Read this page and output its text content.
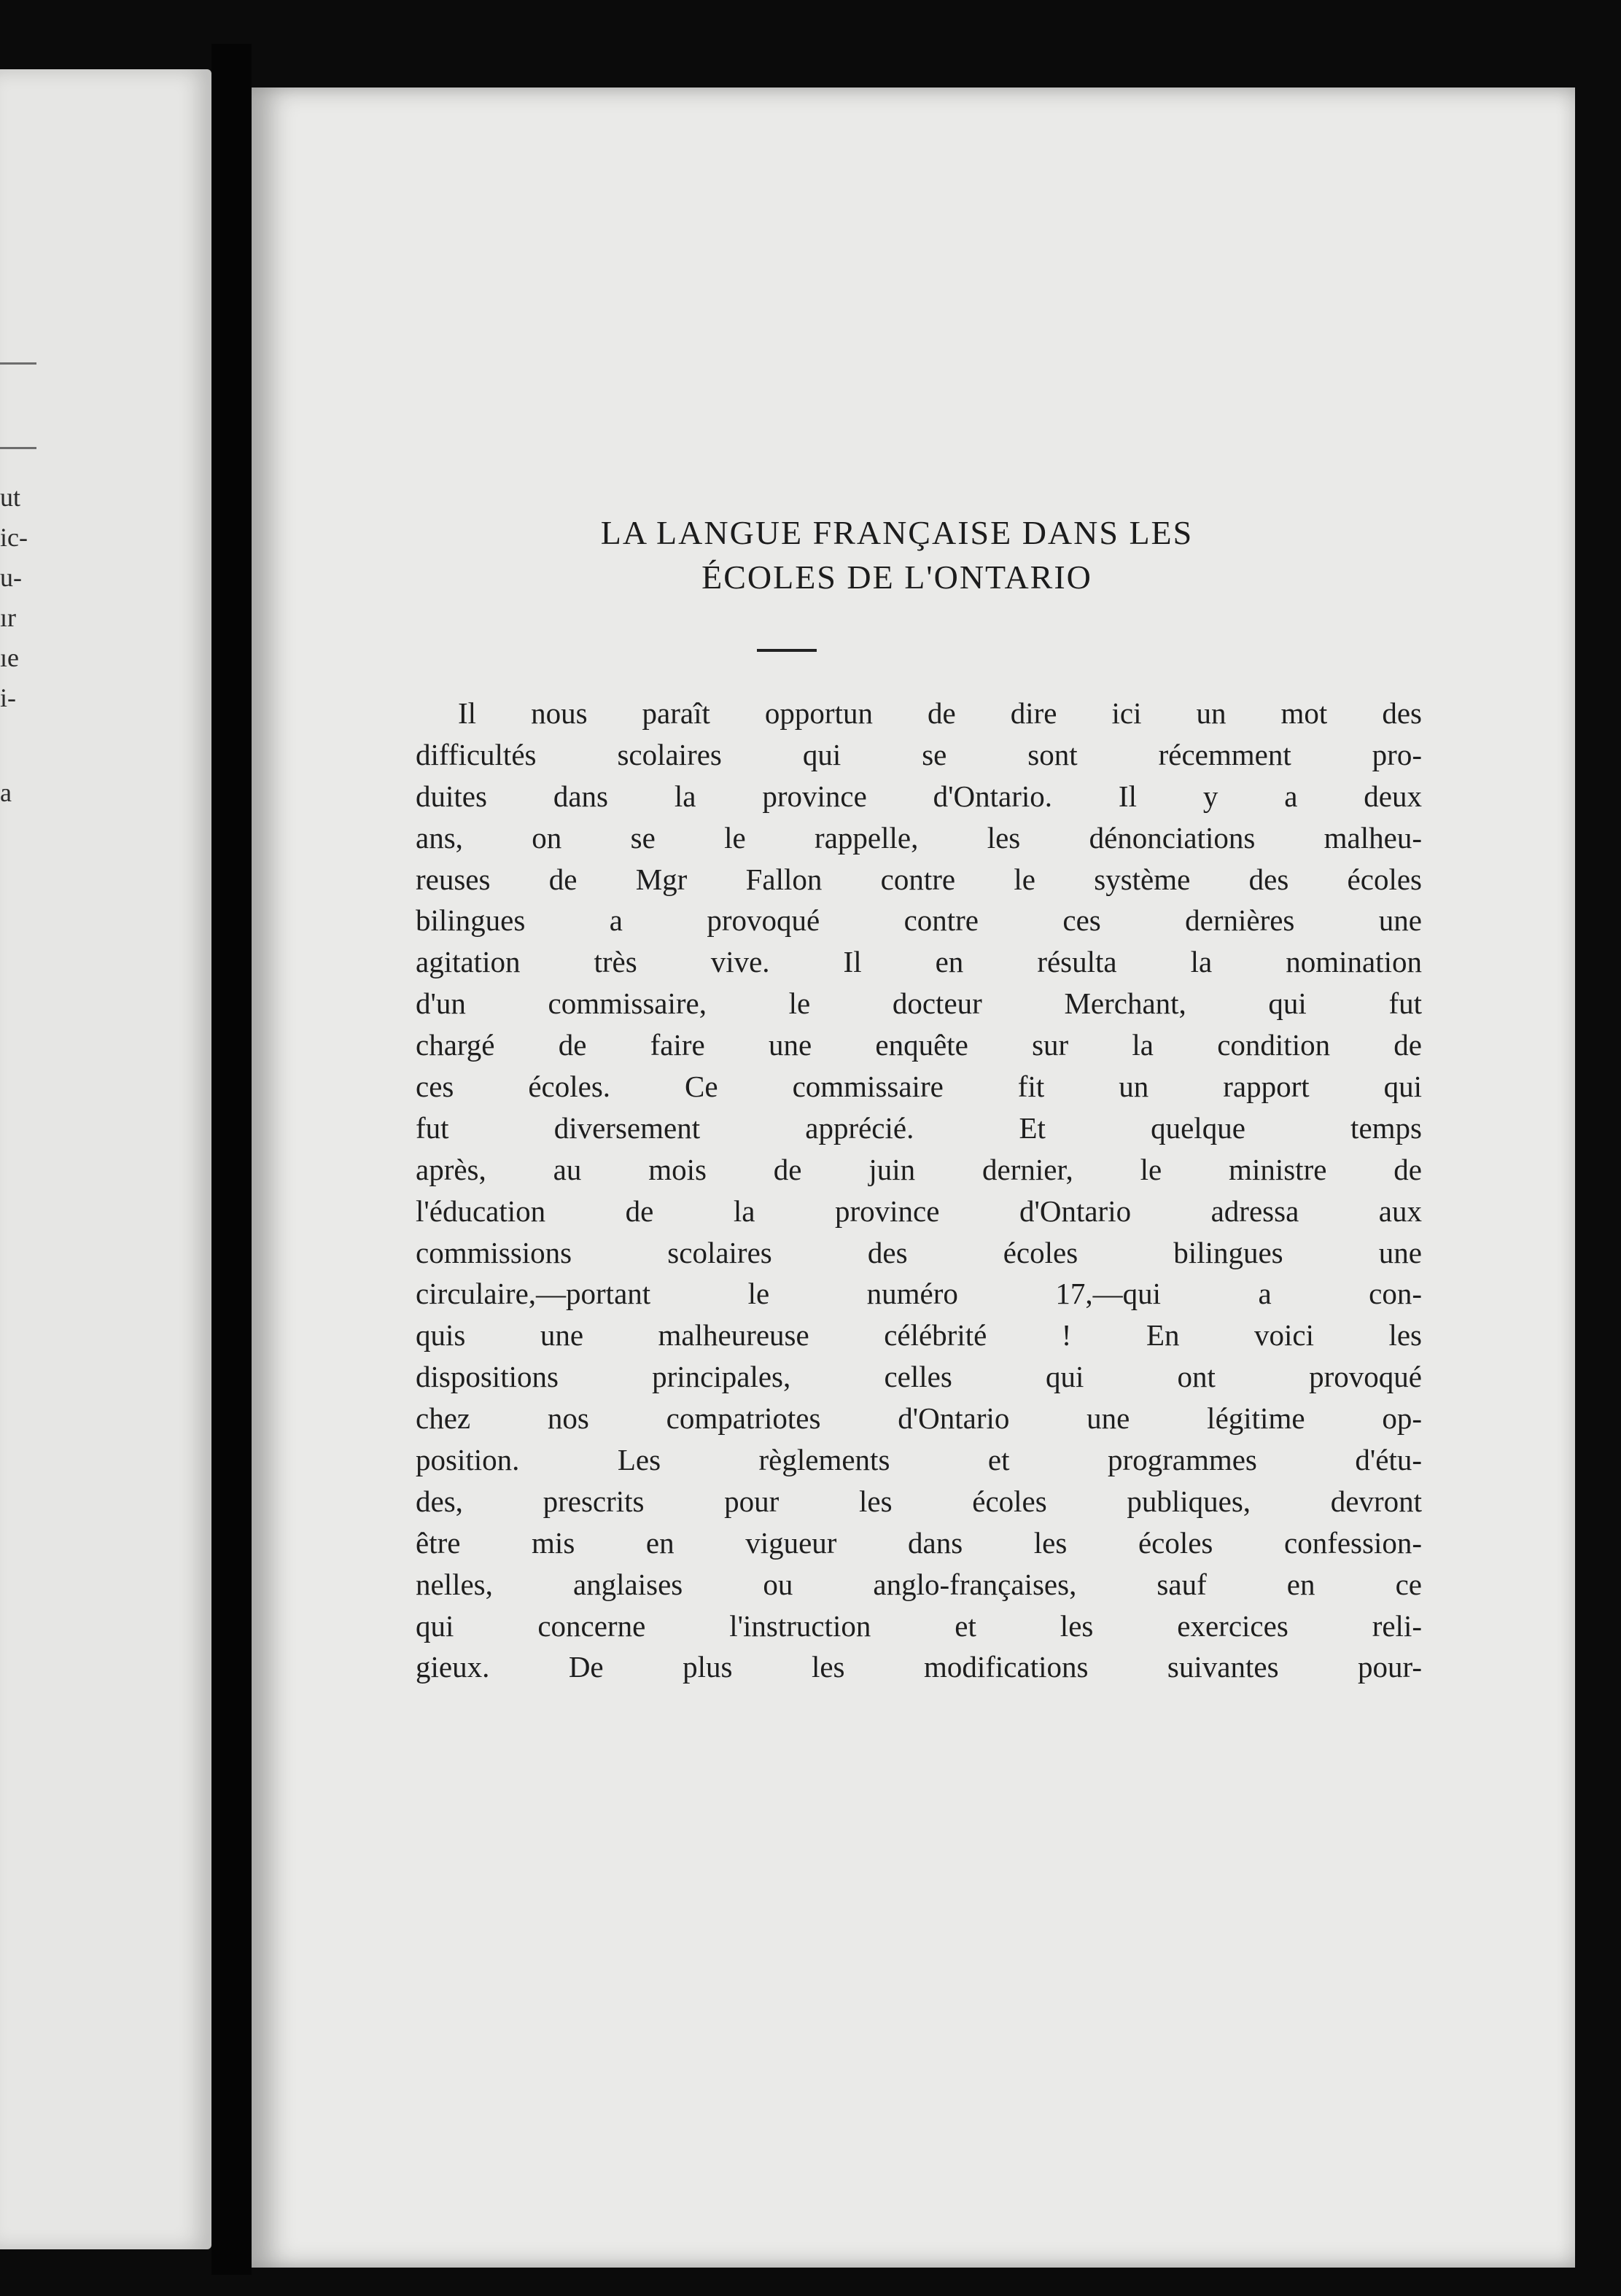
ut
ic-
u-
ır
ıe
i-
a
LA LANGUE FRANÇAISE DANS LES
ÉCOLES DE L'ONTARIO
Il nous paraît opportun de dire ici un mot des
difficultés scolaires qui se sont récemment pro-
duites dans la province d'Ontario. Il y a deux
ans, on se le rappelle, les dénonciations malheu-
reuses de Mgr Fallon contre le système des écoles
bilingues a provoqué contre ces dernières une
agitation très vive. Il en résulta la nomination
d'un commissaire, le docteur Merchant, qui fut
chargé de faire une enquête sur la condition de
ces écoles. Ce commissaire fit un rapport qui
fut diversement apprécié. Et quelque temps
après, au mois de juin dernier, le ministre de
l'éducation de la province d'Ontario adressa aux
commissions scolaires des écoles bilingues une
circulaire,—portant le numéro 17,—qui a con-
quis une malheureuse célébrité ! En voici les
dispositions principales, celles qui ont provoqué
chez nos compatriotes d'Ontario une légitime op-
position. Les règlements et programmes d'étu-
des, prescrits pour les écoles publiques, devront
être mis en vigueur dans les écoles confession-
nelles, anglaises ou anglo-françaises, sauf en ce
qui concerne l'instruction et les exercices reli-
gieux. De plus les modifications suivantes pour-
